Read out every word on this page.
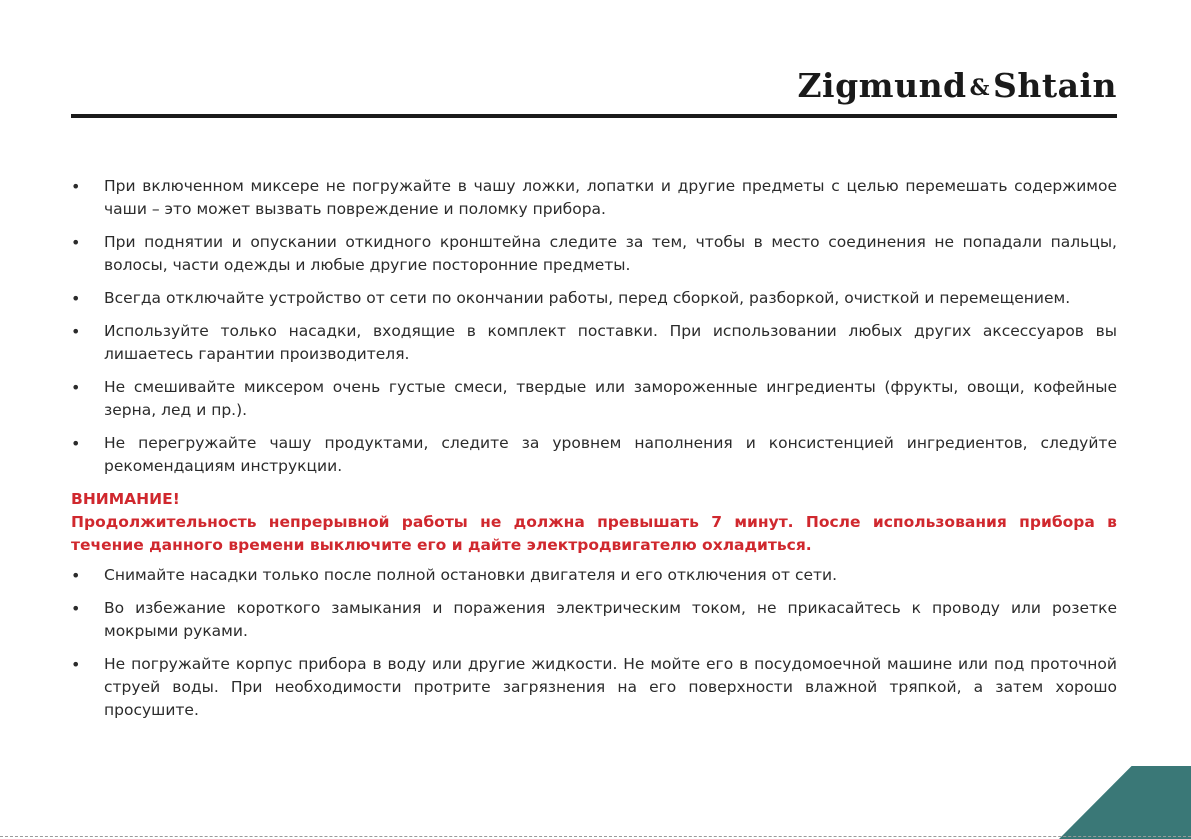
Zigmund &Shtain
• При включенном миксере не погружайте в чашу ложки, лопатки и другие предметы с целью перемешать содержимое чаши – это может вызвать повреждение и поломку прибора.
• При поднятии и опускании откидного кронштейна следите за тем, чтобы в место соединения не попадали пальцы, волосы, части одежды и любые другие посторонние предметы.
• Всегда отключайте устройство от сети по окончании работы, перед сборкой, разборкой, очисткой и перемещением.
• Используйте только насадки, входящие в комплект поставки. При использовании любых других аксессуаров вы лишаетесь гарантии производителя.
• Не смешивайте миксером очень густые смеси, твердые или замороженные ингредиенты (фрукты, овощи, кофейные зерна, лед и пр.).
• Не перегружайте чашу продуктами, следите за уровнем наполнения и консистенцией ингредиентов, следуйте рекомендациям инструкции.
ВНИМАНИЕ!
Продолжительность непрерывной работы не должна превышать 7 минут. После использования прибора в течение данного времени выключите его и дайте электродвигателю охладиться.
• Снимайте насадки только после полной остановки двигателя и его отключения от сети.
• Во избежание короткого замыкания и поражения электрическим током, не прикасайтесь к проводу или розетке мокрыми руками.
• Не погружайте корпус прибора в воду или другие жидкости. Не мойте его в посудомоечной машине или под проточной струей воды. При необходимости протрите загрязнения на его поверхности влажной тряпкой, а затем хорошо просушите.
